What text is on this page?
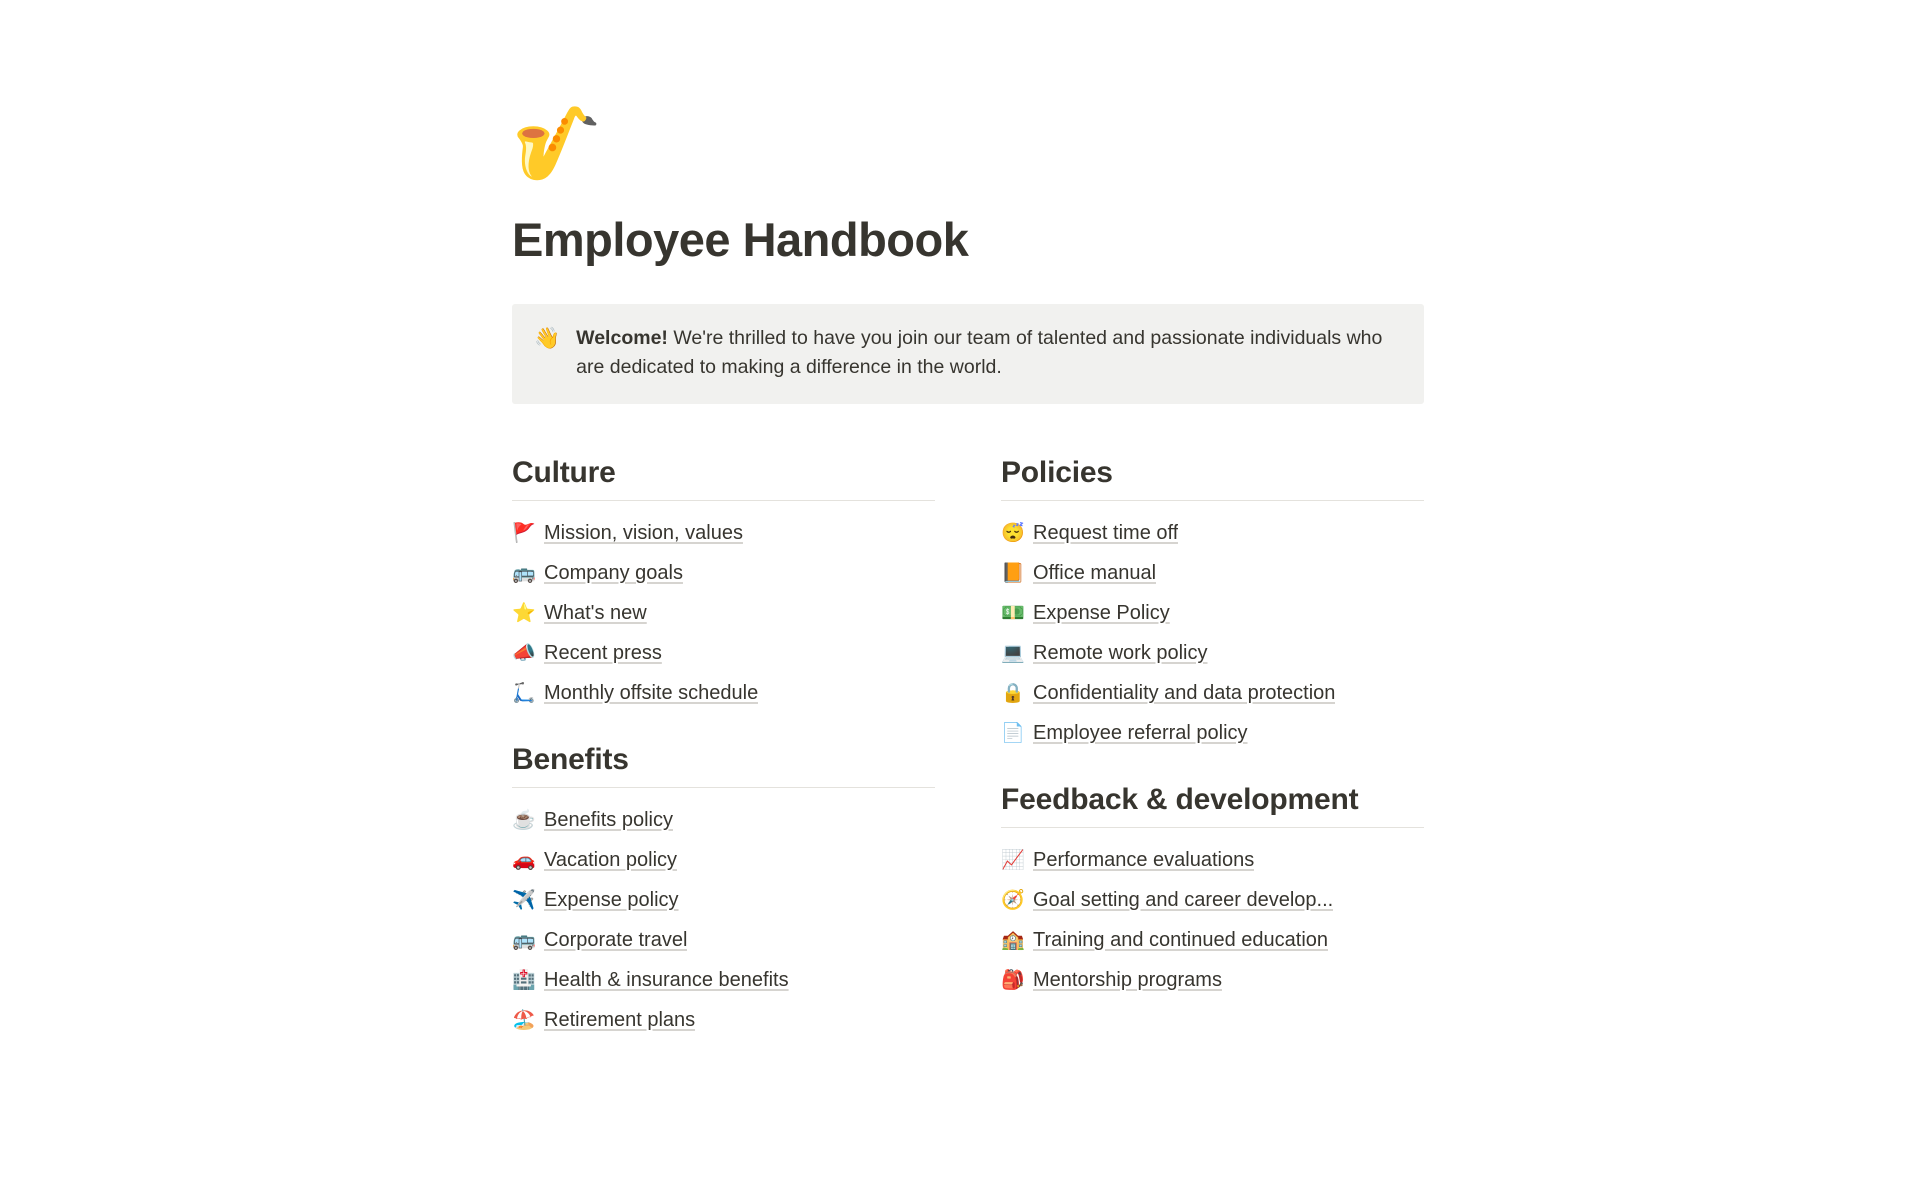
🎷
Employee Handbook
👋 Welcome! We're thrilled to have you join our team of talented and passionate individuals who are dedicated to making a difference in the world.
Culture
🚩 Mission, vision, values
🚌 Company goals
⭐ What's new
📣 Recent press
🛴 Monthly offsite schedule
Benefits
☕ Benefits policy
🚗 Vacation policy
✈️ Expense policy
🚌 Corporate travel
🏥 Health & insurance benefits
🏖️ Retirement plans
Policies
😴 Request time off
📙 Office manual
💵 Expense Policy
💻 Remote work policy
🔒 Confidentiality and data protection
📄 Employee referral policy
Feedback & development
📈 Performance evaluations
🧭 Goal setting and career develop...
🏫 Training and continued education
🎒 Mentorship programs
